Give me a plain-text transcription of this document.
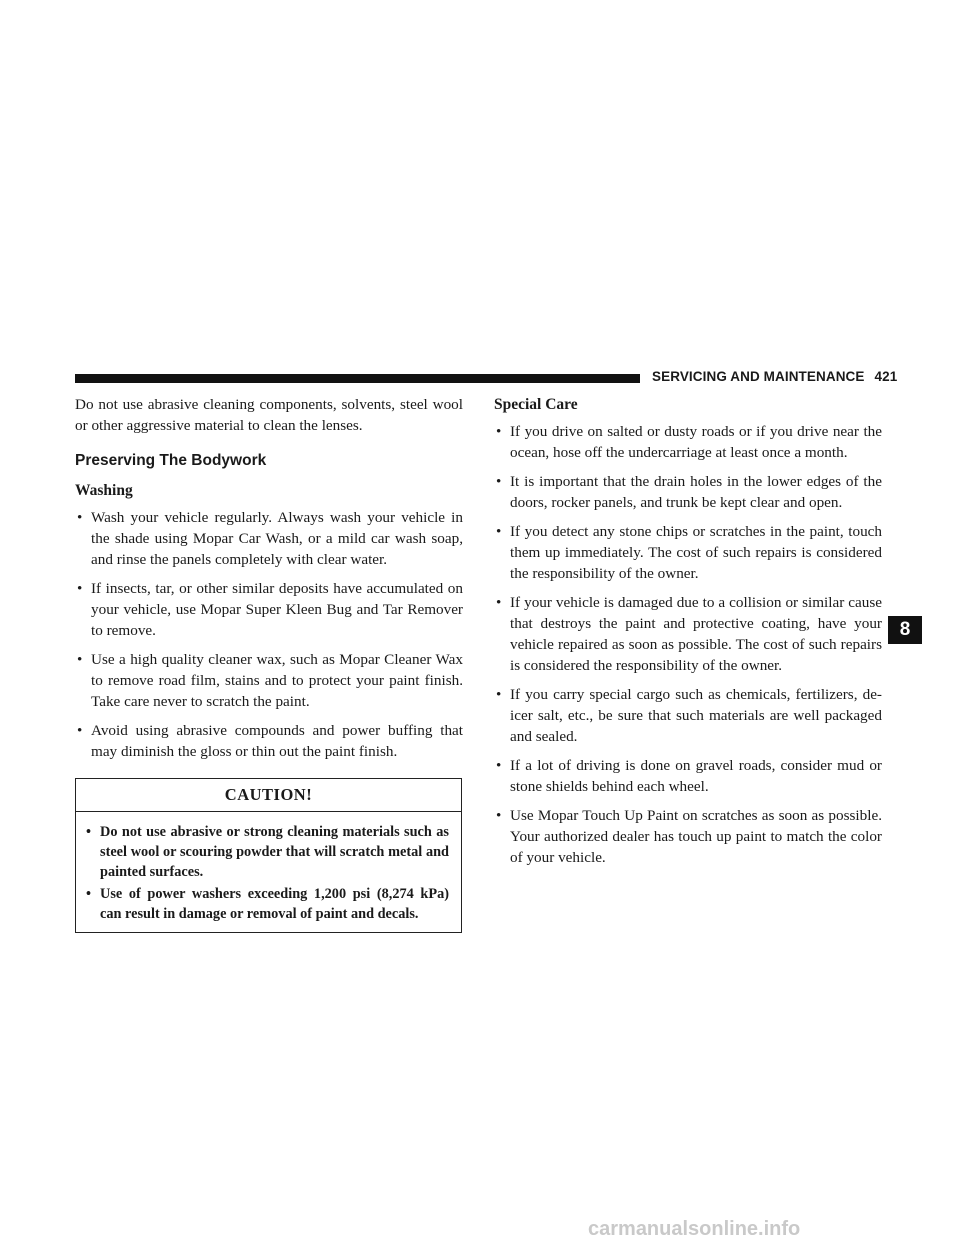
SERVICING AND MAINTENANCE 421

Do not use abrasive cleaning components, solvents, steel wool or other aggressive material to clean the lenses.

Preserving The Bodywork
Washing
• Wash your vehicle regularly. Always wash your vehicle in the shade using Mopar Car Wash, or a mild car wash soap, and rinse the panels completely with clear water.
• If insects, tar, or other similar deposits have accumulated on your vehicle, use Mopar Super Kleen Bug and Tar Remover to remove.
• Use a high quality cleaner wax, such as Mopar Cleaner Wax to remove road film, stains and to protect your paint finish. Take care never to scratch the paint.
• Avoid using abrasive compounds and power buffing that may diminish the gloss or thin out the paint finish.
CAUTION!
• Do not use abrasive or strong cleaning materials such as steel wool or scouring powder that will scratch metal and painted surfaces.
• Use of power washers exceeding 1,200 psi (8,274 kPa) can result in damage or removal of paint and decals.
Special Care
• If you drive on salted or dusty roads or if you drive near the ocean, hose off the undercarriage at least once a month.
• It is important that the drain holes in the lower edges of the doors, rocker panels, and trunk be kept clear and open.
• If you detect any stone chips or scratches in the paint, touch them up immediately. The cost of such repairs is considered the responsibility of the owner.
• If your vehicle is damaged due to a collision or similar cause that destroys the paint and protective coating, have your vehicle repaired as soon as possible. The cost of such repairs is considered the responsibility of the owner.
• If you carry special cargo such as chemicals, fertilizers, de-icer salt, etc., be sure that such materials are well packaged and sealed.
• If a lot of driving is done on gravel roads, consider mud or stone shields behind each wheel.
• Use Mopar Touch Up Paint on scratches as soon as possible. Your authorized dealer has touch up paint to match the color of your vehicle.
8
carmanualsonline.info
